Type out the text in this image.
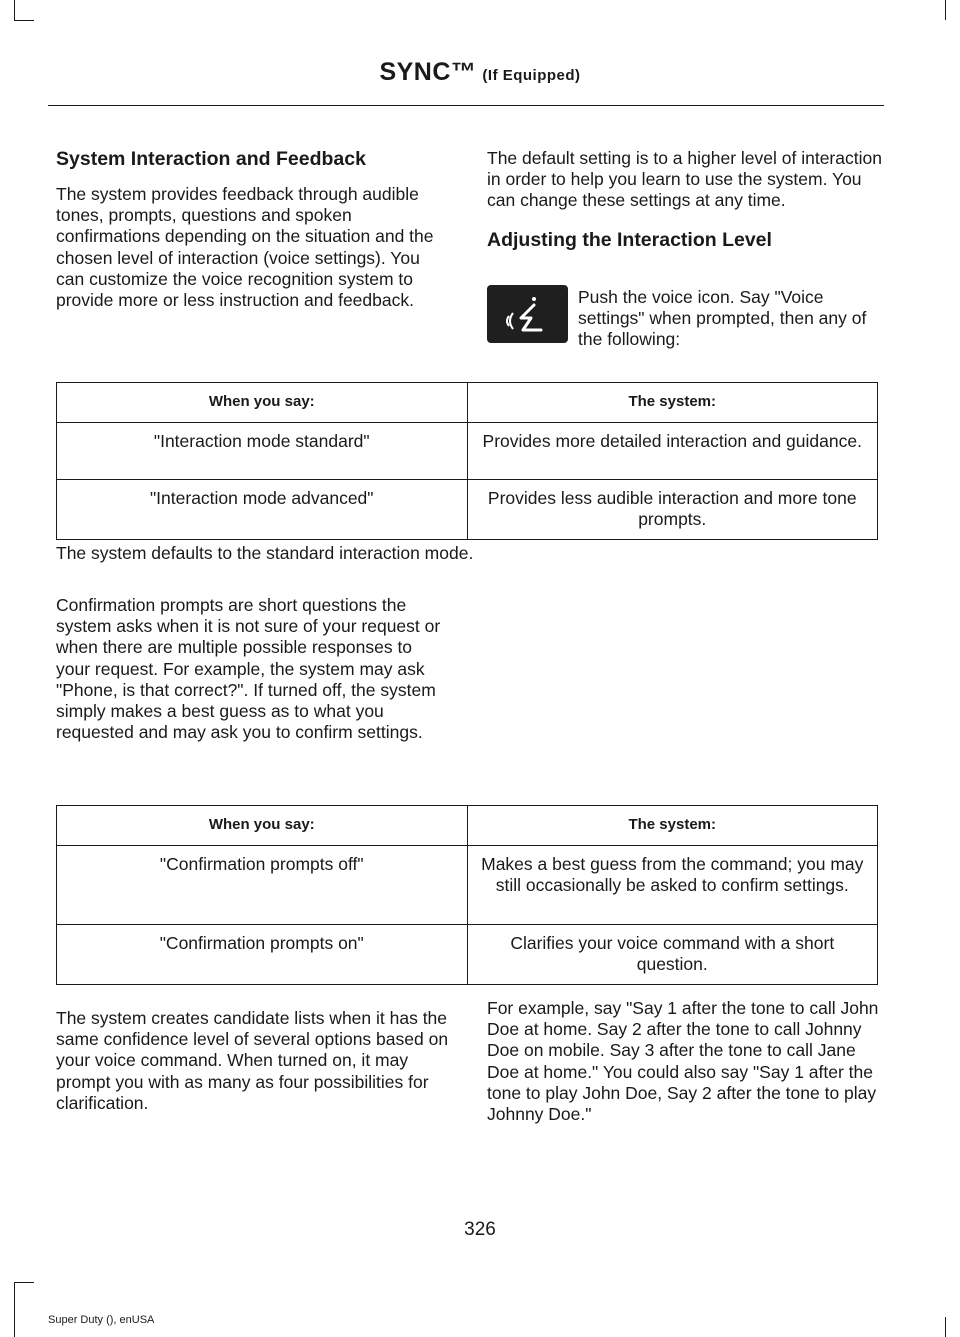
SYNC™ (If Equipped)

System Interaction and Feedback

The system provides feedback through audible tones, prompts, questions and spoken confirmations depending on the situation and the chosen level of interaction (voice settings). You can customize the voice recognition system to provide more or less instruction and feedback.

The default setting is to a higher level of interaction in order to help you learn to use the system. You can change these settings at any time.

Adjusting the Interaction Level

Push the voice icon. Say "Voice settings" when prompted, then any of the following:

When you say:	The system:
"Interaction mode standard"	Provides more detailed interaction and guidance.
"Interaction mode advanced"	Provides less audible interaction and more tone prompts.

The system defaults to the standard interaction mode.

Confirmation prompts are short questions the system asks when it is not sure of your request or when there are multiple possible responses to your request. For example, the system may ask "Phone, is that correct?". If turned off, the system simply makes a best guess as to what you requested and may ask you to confirm settings.

When you say:	The system:
"Confirmation prompts off"	Makes a best guess from the command; you may still occasionally be asked to confirm settings.
"Confirmation prompts on"	Clarifies your voice command with a short question.

The system creates candidate lists when it has the same confidence level of several options based on your voice command. When turned on, it may prompt you with as many as four possibilities for clarification.

For example, say "Say 1 after the tone to call John Doe at home. Say 2 after the tone to call Johnny Doe on mobile. Say 3 after the tone to call Jane Doe at home." You could also say "Say 1 after the tone to play John Doe, Say 2 after the tone to play Johnny Doe."

326
Super Duty (), enUSA
